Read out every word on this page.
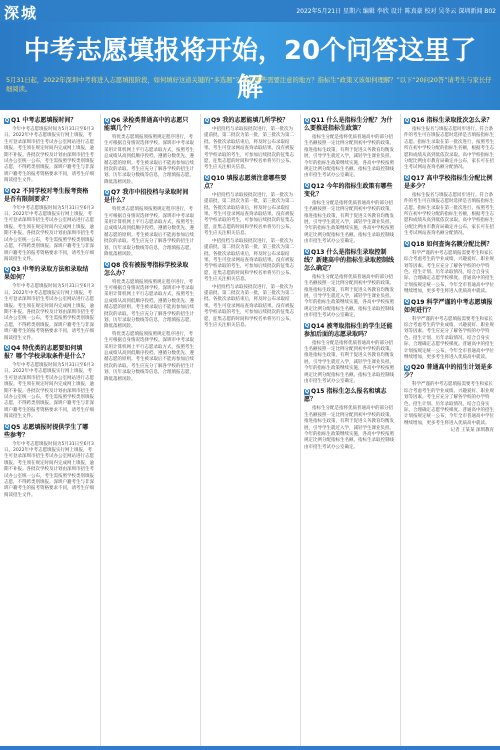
深城	2022年5月21日 星期六 编辑 李欣 设计 陈真豪 校对 吴冬云 深圳新闻 B02
中考志愿填报将开始，20个问答这里了解
5月31日起，2022年深圳中考将进入志愿填报阶段，如何填好这道关键的“多选题”？都有哪些需要注意的地方？指标生“政策又该如何理解？”以下“20问20答”请考生与家长仔细阅读。
Q Q1 中考志愿填报时间？

今年中考志愿填报时间为5月31日至6月3日。2022年中考志愿填报实行网上填报，考生可登录深圳市招生考试办公室网站进行志愿填报。考生须在规定时间内完成网上填报，逾期不补报。各批次学校及计划由深圳市招生考试办公室统一公布，考生需按照学校类别填报志愿，不得跨类别填报。深圳户籍考生与非深圳户籍考生的报考资格要求不同，请考生仔细阅读招生文件。

Q Q2 不同学校对考生报考资格是否有限制要求？

今年中考志愿填报时间为5月31日至6月3日。2022年中考志愿填报实行网上填报，考生可登录深圳市招生考试办公室网站进行志愿填报。考生须在规定时间内完成网上填报，逾期不补报。各批次学校及计划由深圳市招生考试办公室统一公布，考生需按照学校类别填报志愿，不得跨类别填报。深圳户籍考生与非深圳户籍考生的报考资格要求不同，请考生仔细阅读招生文件。

Q Q3 中考的录取方法和录取结果如何？

今年中考志愿填报时间为5月31日至6月3日。2022年中考志愿填报实行网上填报，考生可登录深圳市招生考试办公室网站进行志愿填报。考生须在规定时间内完成网上填报，逾期不补报。各批次学校及计划由深圳市招生考试办公室统一公布，考生需按照学校类别填报志愿，不得跨类别填报。深圳户籍考生与非深圳户籍考生的报考资格要求不同，请考生仔细阅读招生文件。

Q Q4 特优类的志愿要如何填报？哪个学校录取条件是什么？

今年中考志愿填报时间为5月31日至6月3日。2022年中考志愿填报实行网上填报，考生可登录深圳市招生考试办公室网站进行志愿填报。考生须在规定时间内完成网上填报，逾期不补报。各批次学校及计划由深圳市招生考试办公室统一公布，考生需按照学校类别填报志愿，不得跨类别填报。深圳户籍考生与非深圳户籍考生的报考资格要求不同，请考生仔细阅读招生文件。

Q Q5 志愿填报时提供学生了哪些参考？

今年中考志愿填报时间为5月31日至6月3日。2022年中考志愿填报实行网上填报，考生可登录深圳市招生考试办公室网站进行志愿填报。考生须在规定时间内完成网上填报，逾期不补报。各批次学校及计划由深圳市招生考试办公室统一公布，考生需按照学校类别填报志愿，不得跨类别填报。深圳户籍考生与非深圳户籍考生的报考资格要求不同，请考生仔细阅读招生文件。

Q Q6 录检类普通高中的志愿只能填几个？

特优类志愿填报须按照规定程序进行，考生可根据自身情况选择学校。深圳市中考录取采用计算机网上平行志愿录取方式，按照考生总成绩从高到低顺序投档，遵循分数优先、遵循志愿的原则。考生被录取后不能再参加后续批次的录取。考生应充分了解各学校的招生计划、历年录取分数线等信息，合理填报志愿，降低落榜风险。

Q Q7 我市中招投档与录取时间是什么？

特优类志愿填报须按照规定程序进行，考生可根据自身情况选择学校。深圳市中考录取采用计算机网上平行志愿录取方式，按照考生总成绩从高到低顺序投档，遵循分数优先、遵循志愿的原则。考生被录取后不能再参加后续批次的录取。考生应充分了解各学校的招生计划、历年录取分数线等信息，合理填报志愿，降低落榜风险。

Q Q8 没有被报考指标学校录取怎么办？

特优类志愿填报须按照规定程序进行，考生可根据自身情况选择学校。深圳市中考录取采用计算机网上平行志愿录取方式，按照考生总成绩从高到低顺序投档，遵循分数优先、遵循志愿的原则。考生被录取后不能再参加后续批次的录取。考生应充分了解各学校的招生计划、历年录取分数线等信息，合理填报志愿，降低落榜风险。

特优类志愿填报须按照规定程序进行，考生可根据自身情况选择学校。深圳市中考录取采用计算机网上平行志愿录取方式，按照考生总成绩从高到低顺序投档，遵循分数优先、遵循志愿的原则。考生被录取后不能再参加后续批次的录取。考生应充分了解各学校的招生计划、历年录取分数线等信息，合理填报志愿，降低落榜风险。

Q Q9 我的志愿能填几所学校？

中招投档与录取按批次进行，第一批次为提前批，第二批次为第一批，第三批次为第二批。各批次录取结束后，将及时公布录取结果。考生可登录网站查询录取结果。没有被报考学校录取的考生，可参加后续批次的征集志愿，征集志愿的时间和学校名单将另行公布。考生应关注相关信息。

Q Q10 填报志愿须注意哪些要点？

中招投档与录取按批次进行，第一批次为提前批，第二批次为第一批，第三批次为第二批。各批次录取结束后，将及时公布录取结果。考生可登录网站查询录取结果。没有被报考学校录取的考生，可参加后续批次的征集志愿，征集志愿的时间和学校名单将另行公布。考生应关注相关信息。

中招投档与录取按批次进行，第一批次为提前批，第二批次为第一批，第三批次为第二批。各批次录取结束后，将及时公布录取结果。考生可登录网站查询录取结果。没有被报考学校录取的考生，可参加后续批次的征集志愿，征集志愿的时间和学校名单将另行公布。考生应关注相关信息。

中招投档与录取按批次进行，第一批次为提前批，第二批次为第一批，第三批次为第二批。各批次录取结束后，将及时公布录取结果。考生可登录网站查询录取结果。没有被报考学校录取的考生，可参加后续批次的征集志愿，征集志愿的时间和学校名单将另行公布。考生应关注相关信息。

Q Q11 什么是指标生分配？为什么要推进指标生政策？

指标生分配是指将优质普通高中的部分招生名额按照一定比例分配到初中学校的政策。推进指标生政策，有利于促进义务教育均衡发展，引导学生就近入学，减轻学生课业负担。今年的指标生政策继续实施，各高中学校按照规定比例分配指标生名额。指标生录取控制线由市招生考试办公室确定。

Q Q12 今年的指标生政策有哪些变化？

指标生分配是指将优质普通高中的部分招生名额按照一定比例分配到初中学校的政策。推进指标生政策，有利于促进义务教育均衡发展，引导学生就近入学，减轻学生课业负担。今年的指标生政策继续实施，各高中学校按照规定比例分配指标生名额。指标生录取控制线由市招生考试办公室确定。

Q Q13 什么是指标生录取控制线？新建高中的指标生录取控制线怎么确定？

指标生分配是指将优质普通高中的部分招生名额按照一定比例分配到初中学校的政策。推进指标生政策，有利于促进义务教育均衡发展，引导学生就近入学，减轻学生课业负担。今年的指标生政策继续实施，各高中学校按照规定比例分配指标生名额。指标生录取控制线由市招生考试办公室确定。

Q Q14 被考取指标生的学生还能参加后面的志愿录取吗？

指标生分配是指将优质普通高中的部分招生名额按照一定比例分配到初中学校的政策。推进指标生政策，有利于促进义务教育均衡发展，引导学生就近入学，减轻学生课业负担。今年的指标生政策继续实施，各高中学校按照规定比例分配指标生名额。指标生录取控制线由市招生考试办公室确定。

Q Q15 指标生怎么报名和填志愿？

指标生分配是指将优质普通高中的部分招生名额按照一定比例分配到初中学校的政策。推进指标生政策，有利于促进义务教育均衡发展，引导学生就近入学，减轻学生课业负担。今年的指标生政策继续实施，各高中学校按照规定比例分配指标生名额。指标生录取控制线由市招生考试办公室确定。

Q Q16 指标生录取批次怎么录？

指标生报名与填报志愿同步进行。符合条件的考生可在填报志愿时选择是否填报指标生志愿。指标生录取在第一批次进行，按照考生所在初中学校分配的指标生名额，根据考生志愿和成绩从高到低依次录取。高中学校指标生分配比例由市教育局确定并公布，家长可在招生考试网站查询名额分配情况。

Q Q17 高中学校指标生分配比例是多少？

指标生报名与填报志愿同步进行。符合条件的考生可在填报志愿时选择是否填报指标生志愿。指标生录取在第一批次进行，按照考生所在初中学校分配的指标生名额，根据考生志愿和成绩从高到低依次录取。高中学校指标生分配比例由市教育局确定并公布，家长可在招生考试网站查询名额分配情况。

Q Q18 如何查询名额分配比例？

科学严谨的中考志愿填报需要考生和家长综合考虑考生的学业成绩、兴趣爱好、职业规划等因素。考生应充分了解各学校的办学特色、招生计划、历年录取情况，结合自身实际，合理确定志愿学校梯度。普通高中的招生计划按规定统一公布，今年全市普通高中学位继续增加，更多考生将进入优质高中就读。

Q Q19 科学严谨的中考志愿填报如何进行？

科学严谨的中考志愿填报需要考生和家长综合考虑考生的学业成绩、兴趣爱好、职业规划等因素。考生应充分了解各学校的办学特色、招生计划、历年录取情况，结合自身实际，合理确定志愿学校梯度。普通高中的招生计划按规定统一公布，今年全市普通高中学位继续增加，更多考生将进入优质高中就读。

Q Q20 普通高中的招生计划是多少？

科学严谨的中考志愿填报需要考生和家长综合考虑考生的学业成绩、兴趣爱好、职业规划等因素。考生应充分了解各学校的办学特色、招生计划、历年录取情况，结合自身实际，合理确定志愿学校梯度。普通高中的招生计划按规定统一公布，今年全市普通高中学位继续增加，更多考生将进入优质高中就读。

记者 王某某 深圳教育
